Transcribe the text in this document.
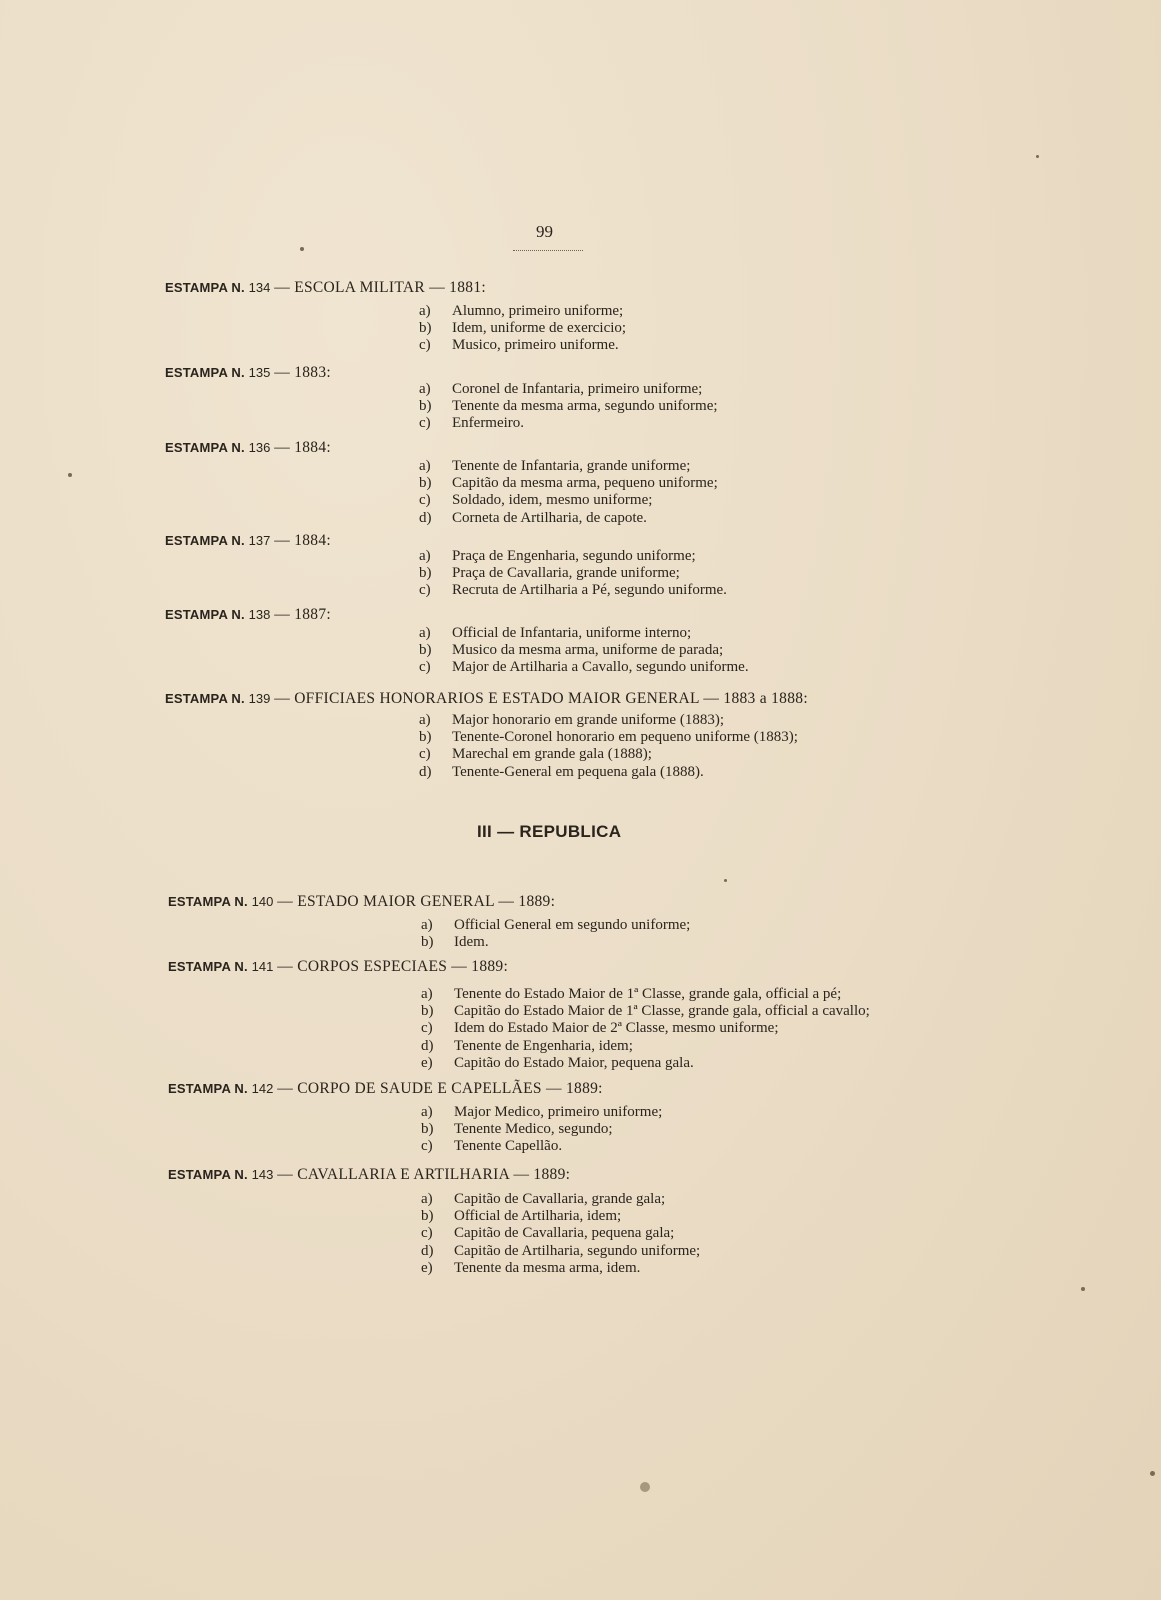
99
ESTAMPA N. 134 — ESCOLA MILITAR — 1881:
a) Alumno, primeiro uniforme;
b) Idem, uniforme de exercicio;
c) Musico, primeiro uniforme.
ESTAMPA N. 135 — 1883:
a) Coronel de Infantaria, primeiro uniforme;
b) Tenente da mesma arma, segundo uniforme;
c) Enfermeiro.
ESTAMPA N. 136 — 1884:
a) Tenente de Infantaria, grande uniforme;
b) Capitão da mesma arma, pequeno uniforme;
c) Soldado, idem, mesmo uniforme;
d) Corneta de Artilharia, de capote.
ESTAMPA N. 137 — 1884:
a) Praça de Engenharia, segundo uniforme;
b) Praça de Cavallaria, grande uniforme;
c) Recruta de Artilharia a Pé, segundo uniforme.
ESTAMPA N. 138 — 1887:
a) Official de Infantaria, uniforme interno;
b) Musico da mesma arma, uniforme de parada;
c) Major de Artilharia a Cavallo, segundo uniforme.
ESTAMPA N. 139 — OFFICIAES HONORARIOS E ESTADO MAIOR GENERAL — 1883 a 1888:
a) Major honorario em grande uniforme (1883);
b) Tenente-Coronel honorario em pequeno uniforme (1883);
c) Marechal em grande gala (1888);
d) Tenente-General em pequena gala (1888).
III — REPUBLICA
ESTAMPA N. 140 — ESTADO MAIOR GENERAL — 1889:
a) Official General em segundo uniforme;
b) Idem.
ESTAMPA N. 141 — CORPOS ESPECIAES — 1889:
a) Tenente do Estado Maior de 1ª Classe, grande gala, official a pé;
b) Capitão do Estado Maior de 1ª Classe, grande gala, official a cavallo;
c) Idem do Estado Maior de 2ª Classe, mesmo uniforme;
d) Tenente de Engenharia, idem;
e) Capitão do Estado Maior, pequena gala.
ESTAMPA N. 142 — CORPO DE SAUDE E CAPELLÃES — 1889:
a) Major Medico, primeiro uniforme;
b) Tenente Medico, segundo;
c) Tenente Capellão.
ESTAMPA N. 143 — CAVALLARIA E ARTILHARIA — 1889:
a) Capitão de Cavallaria, grande gala;
b) Official de Artilharia, idem;
c) Capitão de Cavallaria, pequena gala;
d) Capitão de Artilharia, segundo uniforme;
e) Tenente da mesma arma, idem.
